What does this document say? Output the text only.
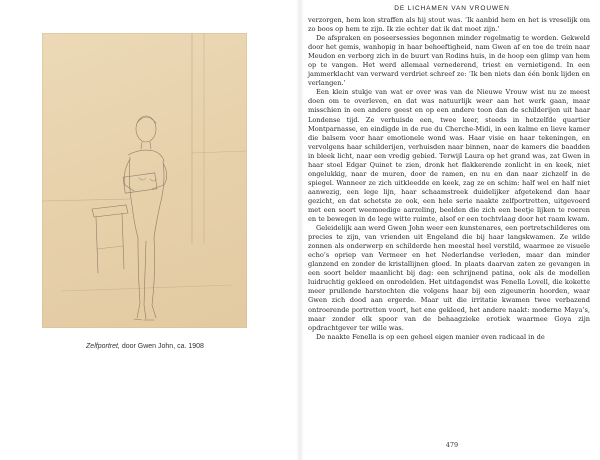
Zelfportret, door Gwen John, ca. 1908
DE LICHAMEN VAN VROUWEN

verzorgen, hem kon straffen als hij stout was. ‘Ik aanbid hem en het is vreselijk om zo boos op hem te zijn. Ik zie echter dat ik dat moet zijn.’

De afspraken en poseersessies begonnen minder regelmatig te worden. Gekweld door het gemis, wanhopig in haar behoeftigheid, nam Gwen af en toe de trein naar Meudon en verborg zich in de buurt van Rodins huis, in de hoop een glimp van hem op te vangen. Het werd allemaal vernederend, triest en vernietigend. In een jammerklacht van verward verdriet schreef ze: ‘Ik ben niets dan één bonk lijden en verlangen.’

Een klein stukje van wat er over was van de Nieuwe Vrouw wist nu ze meest doen om te overleven, en dat was natuurlijk weer aan het werk gaan, maar misschien in een andere geest en op een andere toon dan de schilderijen uit haar Londense tijd. Ze verhuisde een, twee keer, steeds in hetzelfde quartier Montparnasse, en eindigde in de rue du Cherche-Midi, in een kalme en lieve kamer die balsem voor haar emotionele wond was. Haar visie en haar tekeningen, en vervolgens haar schilderijen, verhuisden naar binnen, naar de kamers die baadden in bleek licht, naar een vredig gebied. Terwijl Laura op het grand was, zat Gwen in haar stoel Edgar Quinet te zien, dronk het flakkerende zonlicht in en keek, niet ongelukkig, naar de muren, door de ramen, en nu en dan naar zichzelf in de spiegel. Wanneer ze zich uitkleedde en keek, zag ze en schim: half wel en half niet aanwezig, een lege lijn, haar schaamstreek duidelijker afgetekend dan haar gezicht, en dat schetste ze ook, een hele serie naakte zelfportretten, uitgevoerd met een soort weemoedige aarzeling, beelden die zich een beetje lijken te roeren en te bewegen in de lege witte ruimte, alsof er een tochtvlaag door het raam kwam.

Geleidelijk aan werd Gwen John weer een kunstenares, een portretschilderes om precies te zijn, van vrienden uit Engeland die bij haar langskwamen. Ze wilde zonnen als onderwerp en schilderde hen meestal heel verstild, waarmee ze visuele echo’s opriep van Vermeer en het Nederlandse verleden, maar dan minder glanzend en zonder de kristallijnen gloed. In plaats daarvan zaten ze gevangen in een soort belder maanlicht bij dag: een schrijnend patina, ook als de modellen luidruchtig gekleed en onrodelden. Het uitdagendst was Fenella Lovell, die kokette meer prullende harstochten die volgens haar bij een zigeunerin hoorden, waar Gwen zich dood aan ergerde. Maar uit die irritatie kwamen twee verbazend ontroerende portretten voort, het ene gekleed, het andere naakt: moderne Maya’s, maar zonder elk spoor van de behaagzieke erotiek waarmee Goya zijn opdrachtgever ter wille was.

De naakte Fenella is op een geheel eigen manier even radicaal in de

479
